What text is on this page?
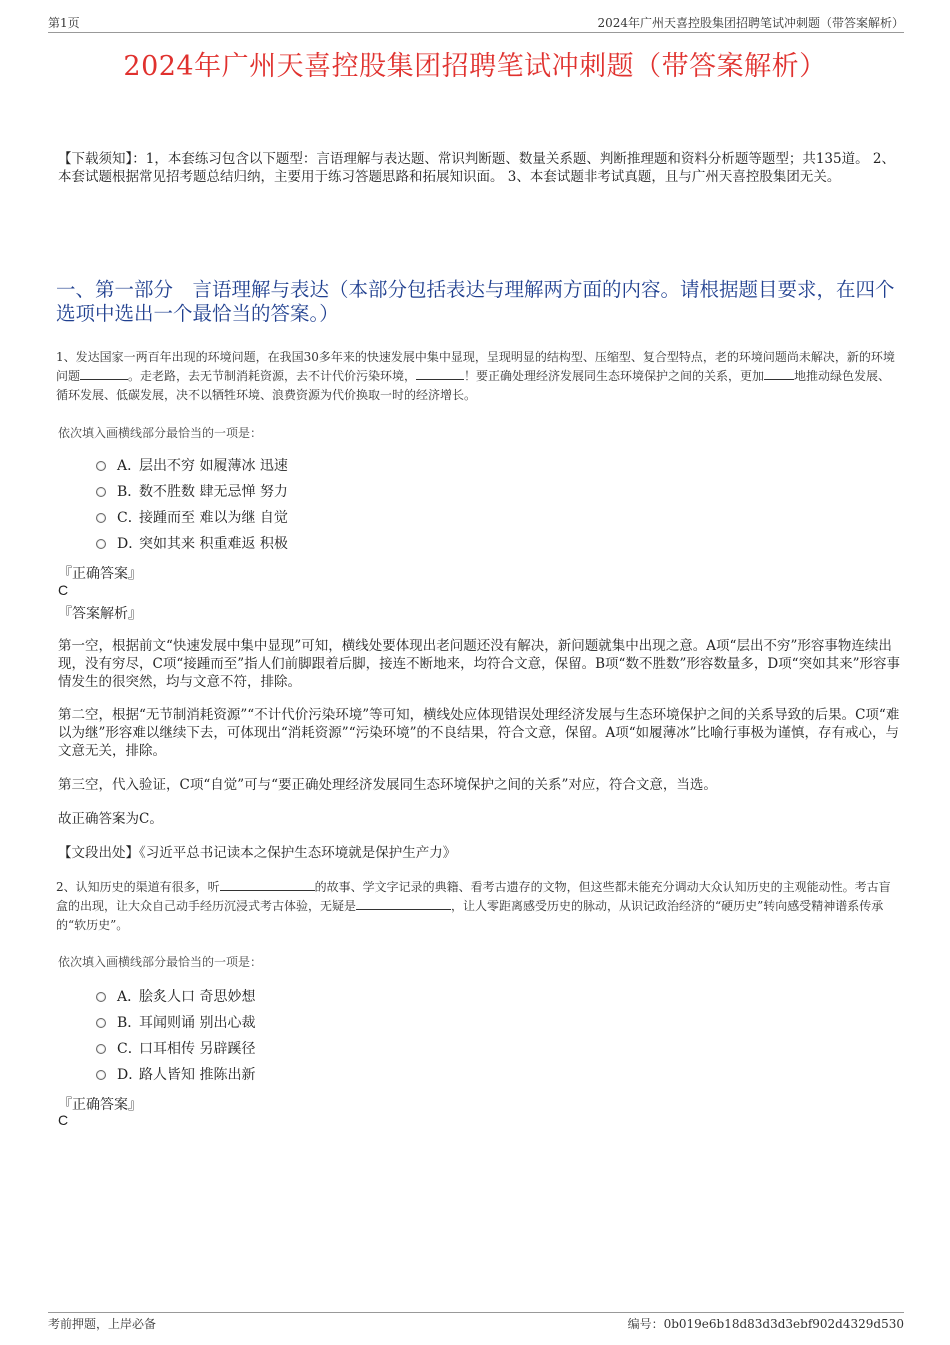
第1页	2024年广州天喜控股集团招聘笔试冲刺题（带答案解析）
2024年广州天喜控股集团招聘笔试冲刺题（带答案解析）
【下载须知】：1，本套练习包含以下题型：言语理解与表达题、常识判断题、数量关系题、判断推理题和资料分析题等题型；共135道。 2、本套试题根据常见招考题总结归纳，主要用于练习答题思路和拓展知识面。 3、本套试题非考试真题，且与广州天喜控股集团无关。
一、第一部分　言语理解与表达（本部分包括表达与理解两方面的内容。请根据题目要求，在四个选项中选出一个最恰当的答案。）
1、发达国家一两百年出现的环境问题，在我国30多年来的快速发展中集中显现，呈现明显的结构型、压缩型、复合型特点，老的环境问题尚未解决，新的环境问题	。走老路，去无节制消耗资源，去不计代价污染环境，	！要正确处理经济发展同生态环境保护之间的关系，更加	地推动绿色发展、循环发展、低碳发展，决不以牺牲环境、浪费资源为代价换取一时的经济增长。
依次填入画横线部分最恰当的一项是：
A．
层出不穷 如履薄冰 迅速
B．
数不胜数 肆无忌惮 努力
C．
接踵而至 难以为继 自觉
D．
突如其来 积重难返 积极
『正确答案』
C
『答案解析』
第一空，根据前文“快速发展中集中显现”可知，横线处要体现出老问题还没有解决，新问题就集中出现之意。A项“层出不穷”形容事物连续出现，没有穷尽，C项“接踵而至”指人们前脚跟着后脚，接连不断地来，均符合文意，保留。B项“数不胜数”形容数量多，D项“突如其来”形容事情发生的很突然，均与文意不符，排除。
第二空，根据“无节制消耗资源”“不计代价污染环境”等可知，横线处应体现错误处理经济发展与生态环境保护之间的关系导致的后果。C项“难以为继”形容难以继续下去，可体现出“消耗资源”“污染环境”的不良结果，符合文意，保留。A项“如履薄冰”比喻行事极为谨慎，存有戒心，与文意无关，排除。
第三空，代入验证，C项“自觉”可与“要正确处理经济发展同生态环境保护之间的关系”对应，符合文意，当选。
故正确答案为C。
【文段出处】《习近平总书记读本之保护生态环境就是保护生产力》
2、认知历史的渠道有很多，听	的故事、学文字记录的典籍、看考古遗存的文物，但这些都未能充分调动大众认知历史的主观能动性。考古盲盒的出现，让大众自己动手经历沉浸式考古体验，无疑是	，让人零距离感受历史的脉动，从识记政治经济的“硬历史”转向感受精神谱系传承的“软历史”。
依次填入画横线部分最恰当的一项是：
A．
脍炙人口 奇思妙想
B．
耳闻则诵 别出心裁
C．
口耳相传 另辟蹊径
D．
路人皆知 推陈出新
『正确答案』
C
考前押题，上岸必备	编号：0b019e6b18d83d3d3ebf902d4329d530
